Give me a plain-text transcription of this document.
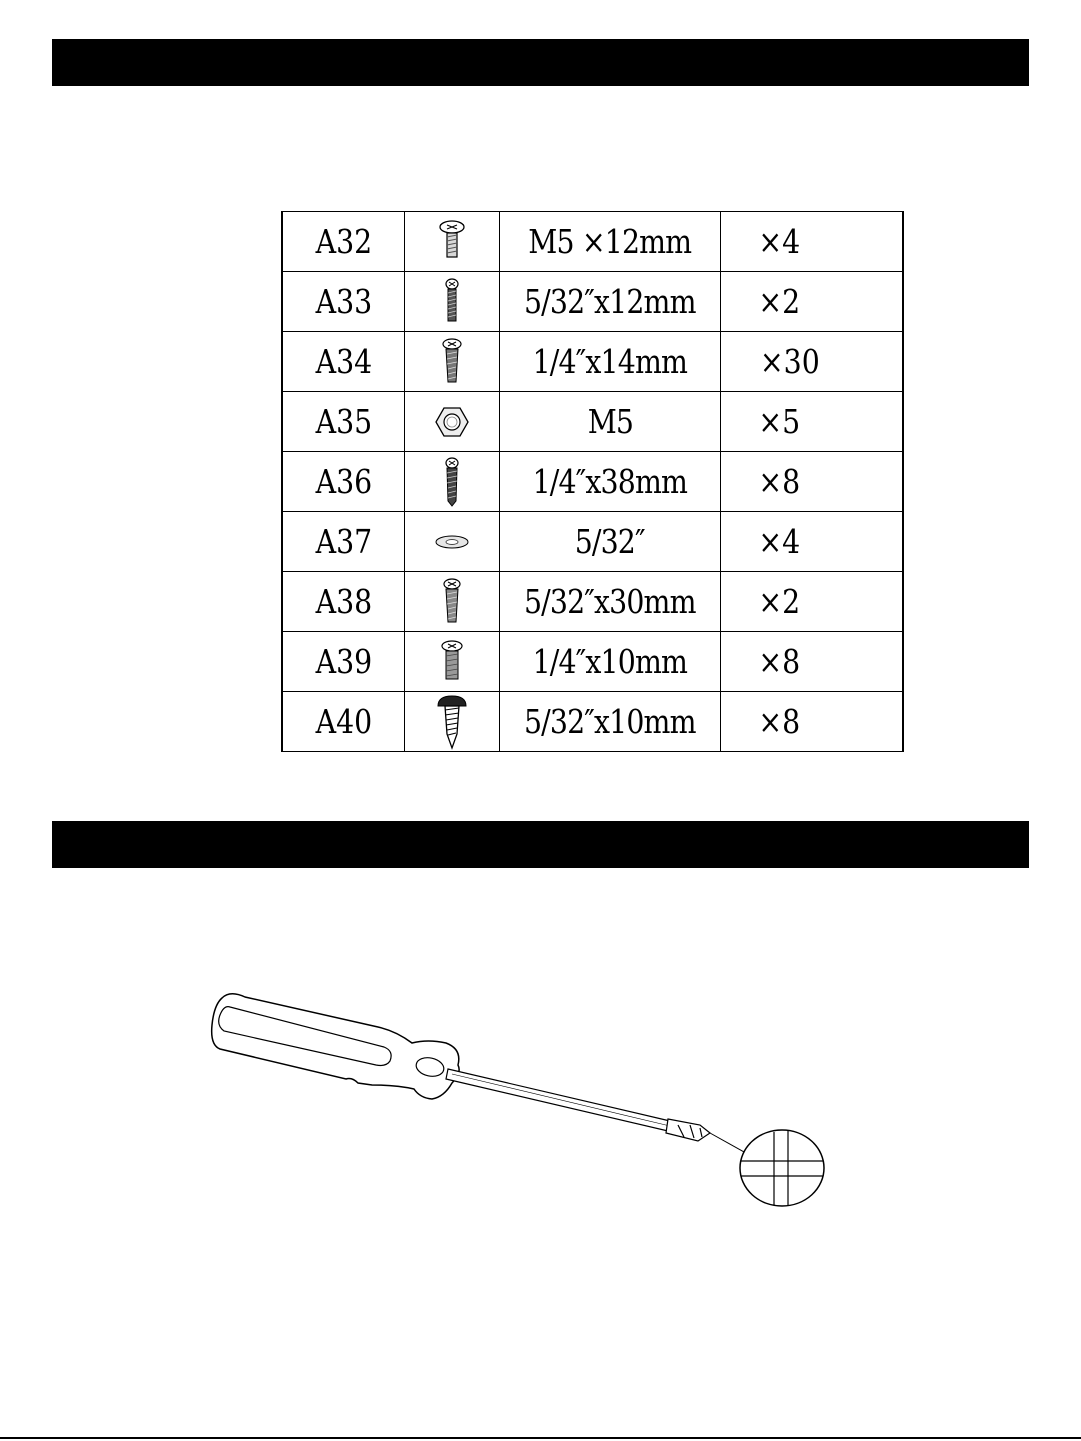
A32		M5 ×12mm	×4
A33		5/32″x12mm	×2
A34		1/4″x14mm	×30
A35		M5	×5
A36		1/4″x38mm	×8
A37		5/32″	×4
A38		5/32″x30mm	×2
A39		1/4″x10mm	×8
A40		5/32″x10mm	×8
